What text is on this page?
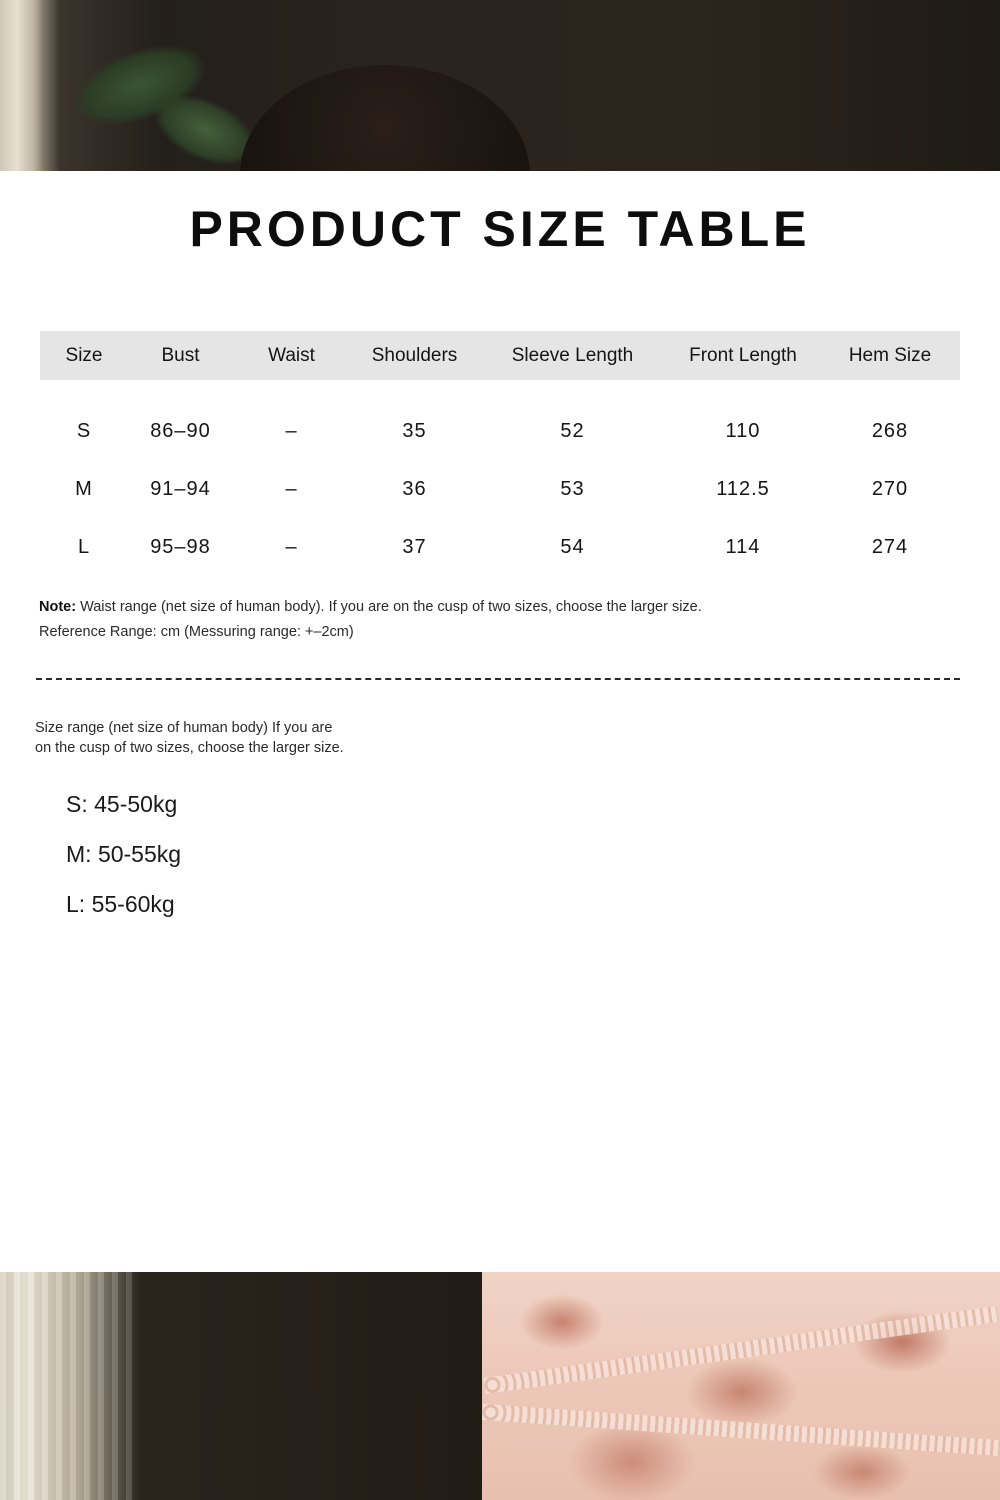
PRODUCT SIZE TABLE
Size	Bust	Waist	Shoulders	Sleeve Length	Front Length	Hem Size

S	86–90	–	35	52	110	268
M	91–94	–	36	53	112.5	270
L	95–98	–	37	54	114	274
Note: Waist range (net size of human body). If you are on the cusp of two sizes, choose the larger size.
Reference Range: cm (Messuring range: +–2cm)
Size range (net size of human body) If you are
on the cusp of two sizes, choose the larger size.
S: 45-50kg
M: 50-55kg
L: 55-60kg
